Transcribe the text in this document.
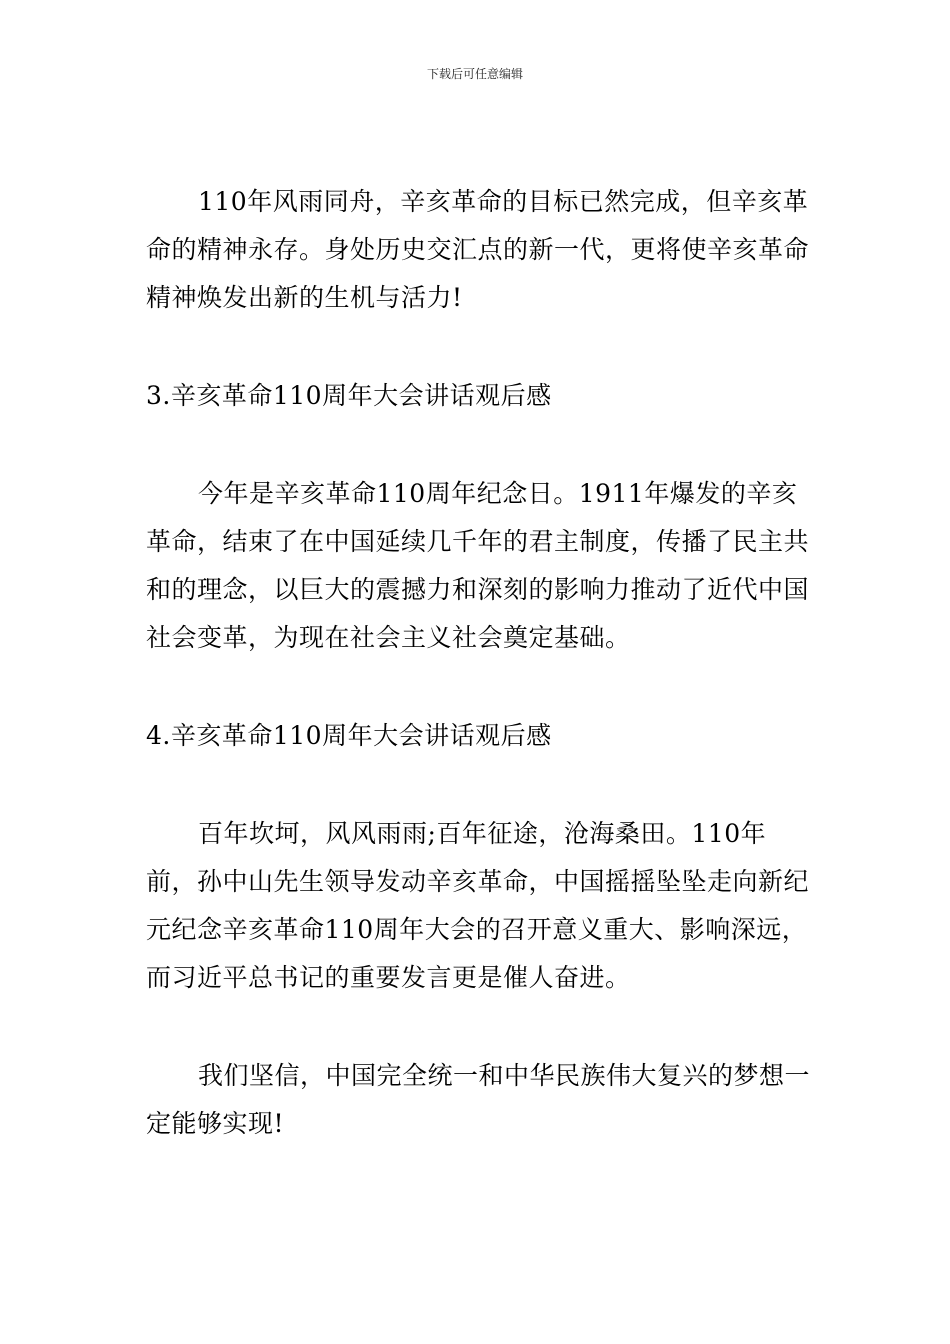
下载后可任意编辑

110年风雨同舟，辛亥革命的目标已然完成，但辛亥革命的精神永存。身处历史交汇点的新一代，更将使辛亥革命精神焕发出新的生机与活力!

3.辛亥革命110周年大会讲话观后感

今年是辛亥革命110周年纪念日。1911年爆发的辛亥革命，结束了在中国延续几千年的君主制度，传播了民主共和的理念，以巨大的震撼力和深刻的影响力推动了近代中国社会变革，为现在社会主义社会奠定基础。

4.辛亥革命110周年大会讲话观后感

百年坎坷，风风雨雨;百年征途，沧海桑田。110年前，孙中山先生领导发动辛亥革命，中国摇摇坠坠走向新纪元纪念辛亥革命110周年大会的召开意义重大、影响深远，而习近平总书记的重要发言更是催人奋进。

我们坚信，中国完全统一和中华民族伟大复兴的梦想一定能够实现!
